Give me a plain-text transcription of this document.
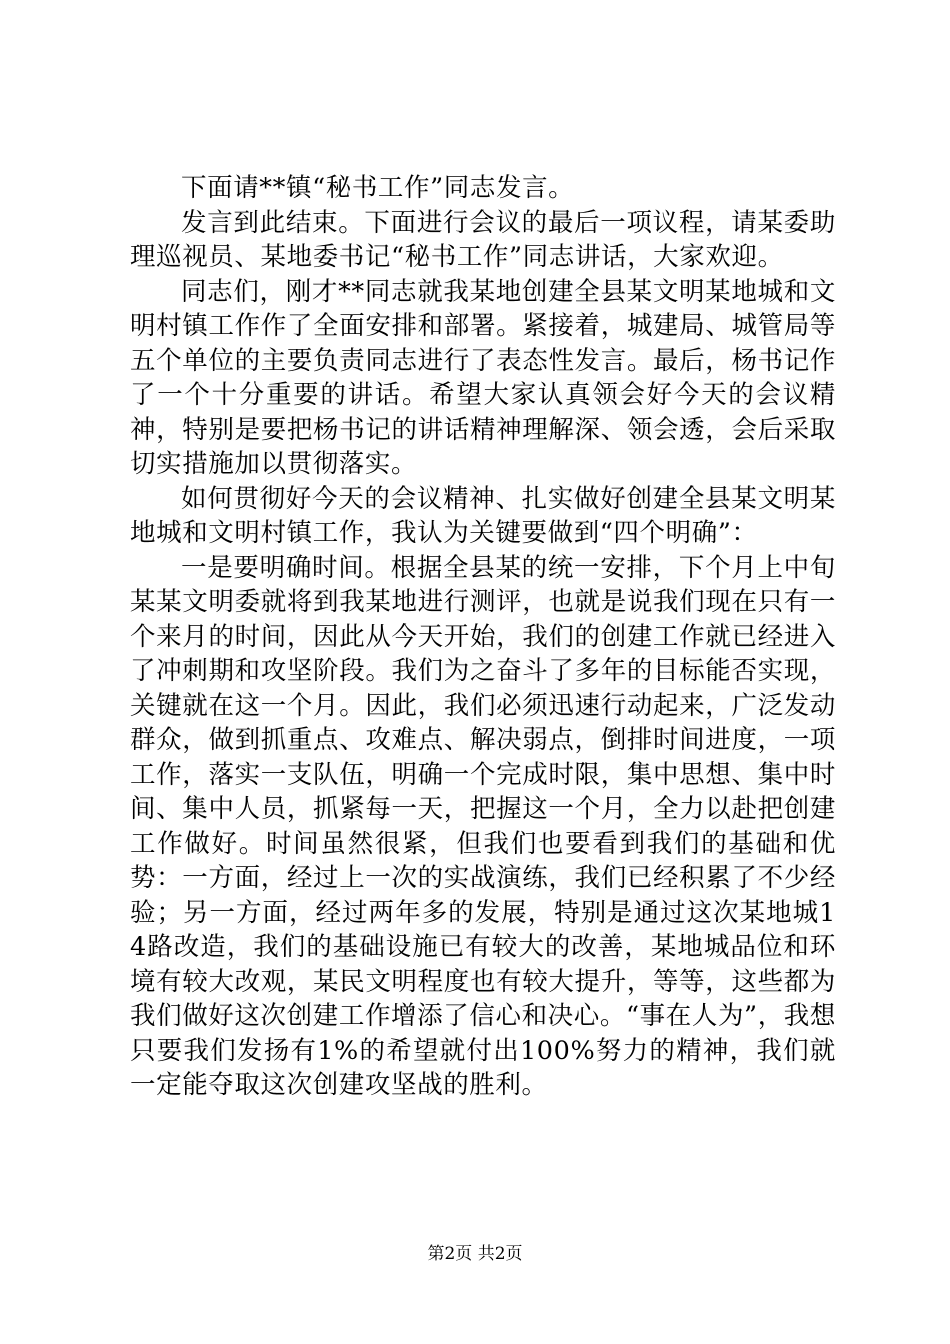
下面请**镇“秘书工作”同志发言。

发言到此结束。下面进行会议的最后一项议程，请某委助理巡视员、某地委书记“秘书工作”同志讲话，大家欢迎。

同志们，刚才**同志就我某地创建全县某文明某地城和文明村镇工作作了全面安排和部署。紧接着，城建局、城管局等五个单位的主要负责同志进行了表态性发言。最后，杨书记作了一个十分重要的讲话。希望大家认真领会好今天的会议精神，特别是要把杨书记的讲话精神理解深、领会透，会后采取切实措施加以贯彻落实。

如何贯彻好今天的会议精神、扎实做好创建全县某文明某地城和文明村镇工作，我认为关键要做到“四个明确”：

一是要明确时间。根据全县某的统一安排，下个月上中旬某某文明委就将到我某地进行测评，也就是说我们现在只有一个来月的时间，因此从今天开始，我们的创建工作就已经进入了冲刺期和攻坚阶段。我们为之奋斗了多年的目标能否实现，关键就在这一个月。因此，我们必须迅速行动起来，广泛发动群众，做到抓重点、攻难点、解决弱点，倒排时间进度，一项工作，落实一支队伍，明确一个完成时限，集中思想、集中时间、集中人员，抓紧每一天，把握这一个月，全力以赴把创建工作做好。时间虽然很紧，但我们也要看到我们的基础和优势：一方面，经过上一次的实战演练，我们已经积累了不少经验；另一方面，经过两年多的发展，特别是通过这次某地城14路改造，我们的基础设施已有较大的改善，某地城品位和环境有较大改观，某民文明程度也有较大提升，等等，这些都为我们做好这次创建工作增添了信心和决心。“事在人为”，我想只要我们发扬有1%的希望就付出100%努力的精神，我们就一定能夺取这次创建攻坚战的胜利。

第2页 共2页
